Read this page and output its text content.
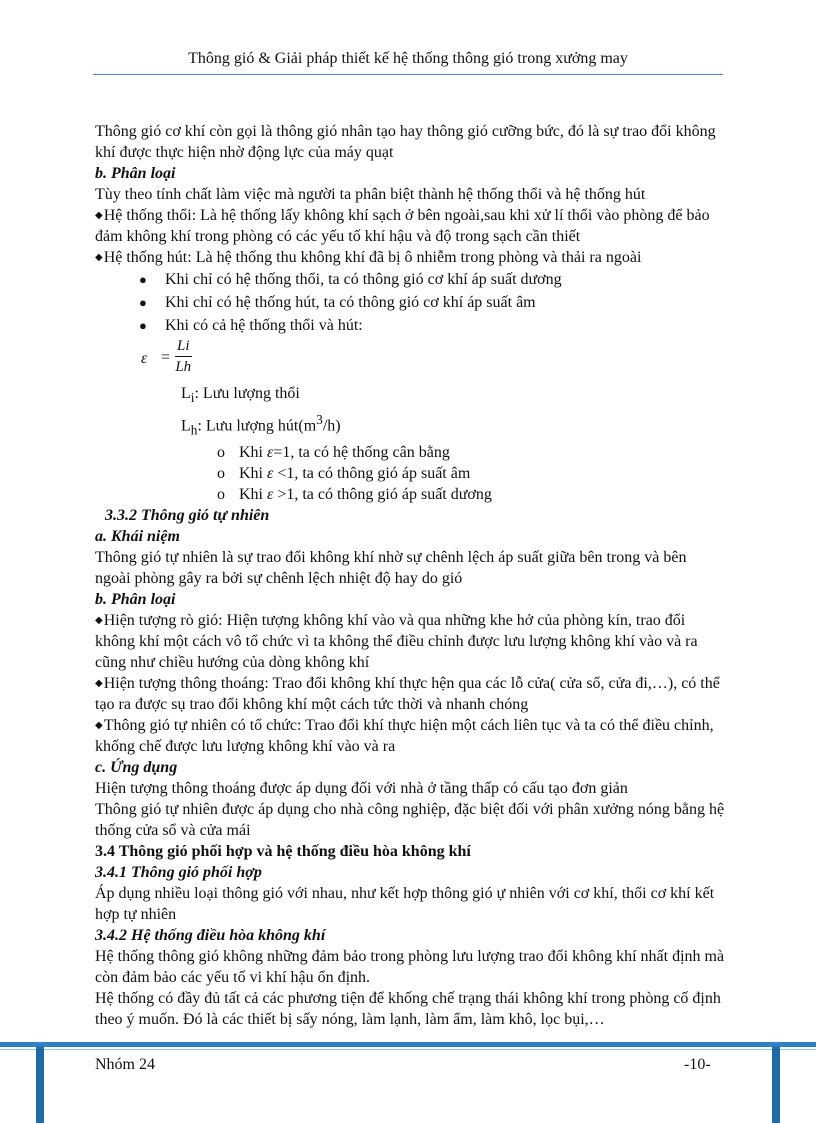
Thông gió & Giải pháp thiết kế hệ thống thông gió trong xưởng may

Thông gió cơ khí còn gọi là thông gió nhân tạo hay thông gió cưỡng bức, đó là sự trao đổi không khí được thực hiện nhờ động lực của máy quạt

b. Phân loại

Tùy theo tính chất làm việc mà người ta phân biệt thành hệ thống thổi và hệ thống hút

◆Hệ thống thổi: Là hệ thống lấy không khí sạch ở bên ngoài,sau khi xử lí thổi vào phòng để bảo đảm không khí trong phòng có các yếu tố khí hậu và độ trong sạch cần thiết

◆Hệ thống hút: Là hệ thống thu không khí đã bị ô nhiễm trong phòng và thải ra ngoài

● Khi chỉ có hệ thống thổi, ta có thông gió cơ khí áp suất dương

● Khi chỉ có hệ thống hút, ta có thông gió cơ khí áp suất âm

● Khi có cả hệ thống thổi và hút:

$\varepsilon = \frac{Li}{Lh}$

$L_i$: Lưu lượng thổi

$L_h$: Lưu lượng $hút(m^3/h)$

o Khi ε=1, ta có hệ thống cân bằng

o Khi ε <1, ta có thông gió áp suất âm

o Khi ε >1, ta có thông gió áp suất dương

3.3.2 Thông gió tự nhiên

a. Khái niệm

Thông gió tự nhiên là sự trao đổi không khí nhờ sự chênh lệch áp suất giữa bên trong và bên ngoài phòng gây ra bởi sự chênh lệch nhiệt độ hay do gió

b. Phân loại

◆Hiện tượng rò gió: Hiện tượng không khí vào và qua những khe hở của phòng kín, trao đổi không khí một cách vô tổ chức vì ta không thể điều chỉnh được lưu lượng không khí vào và ra cũng như chiều hướng của dòng không khí

◆Hiện tượng thông thoáng: Trao đổi không khí thực hện qua các lỗ cửa( cửa sổ, cửa đi,…), có thể tạo ra được sụ trao đổi không khí một cách tức thời và nhanh chóng

◆Thông gió tự nhiên có tổ chức: Trao đổi khí thực hiện một cách liên tục và ta có thể điều chỉnh, khống chế được lưu lượng không khí vào và ra

c. Ứng dụng

Hiện tượng thông thoáng được áp dụng đối với nhà ở tầng thấp có cấu tạo đơn giản

Thông gió tự nhiên được áp dụng cho nhà công nghiệp, đặc biệt đối với phân xưởng nóng bằng hệ thống cửa sổ và cửa mái

3.4 Thông gió phối hợp và hệ thống điều hòa không khí

3.4.1 Thông gió phối hợp

Áp dụng nhiều loại thông gió với nhau, như kết hợp thông gió ự nhiên với cơ khí, thổi cơ khí kết hợp tự nhiên

3.4.2 Hệ thống điều hòa không khí

Hệ thống thông gió không những đảm bảo trong phòng lưu lượng trao đổi không khí nhất định mà còn đảm bảo các yếu tố vi khí hậu ổn định.

Hệ thống có đầy đủ tất cả các phương tiện để khống chế trạng thái không khí trong phòng cố định theo ý muốn. Đó là các thiết bị sấy nóng, làm lạnh, làm ẩm, làm khô, lọc bụi,…

Nhóm 24	-10-
